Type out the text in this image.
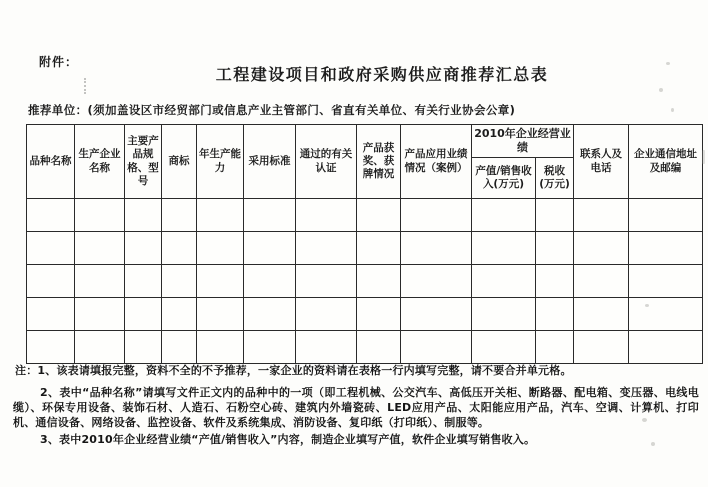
附件：
工程建设项目和政府采购供应商推荐汇总表
推荐单位：(须加盖设区市经贸部门或信息产业主管部门、省直有关单位、有关行业协会公章)
品种名称	生产企业名称	主要产品规格、型号	商标	年生产能力	采用标准	通过的有关认证	产品获奖、获牌情况	产品应用业绩情况（案例）	2010年企业经营业绩		联系人及电话	企业通信地址及邮编
									产值/销售收入(万元)	税收(万元)		

注：1、该表请填报完整，资料不全的不予推荐，一家企业的资料请在表格一行内填写完整，请不要合并单元格。
2、表中“品种名称”请填写文件正文内的品种中的一项（即工程机械、公交汽车、高低压开关柜、断路器、配电箱、变压器、电线电缆）、环保专用设备、装饰石材、人造石、石粉空心砖、建筑内外墙瓷砖、LED应用产品、太阳能应用产品，汽车、空调、计算机、打印机、通信设备、网络设备、监控设备、软件及系统集成、消防设备、复印纸（打印纸）、制服等。
3、表中2010年企业经营业绩“产值/销售收入”内容，制造企业填写产值，软件企业填写销售收入。
